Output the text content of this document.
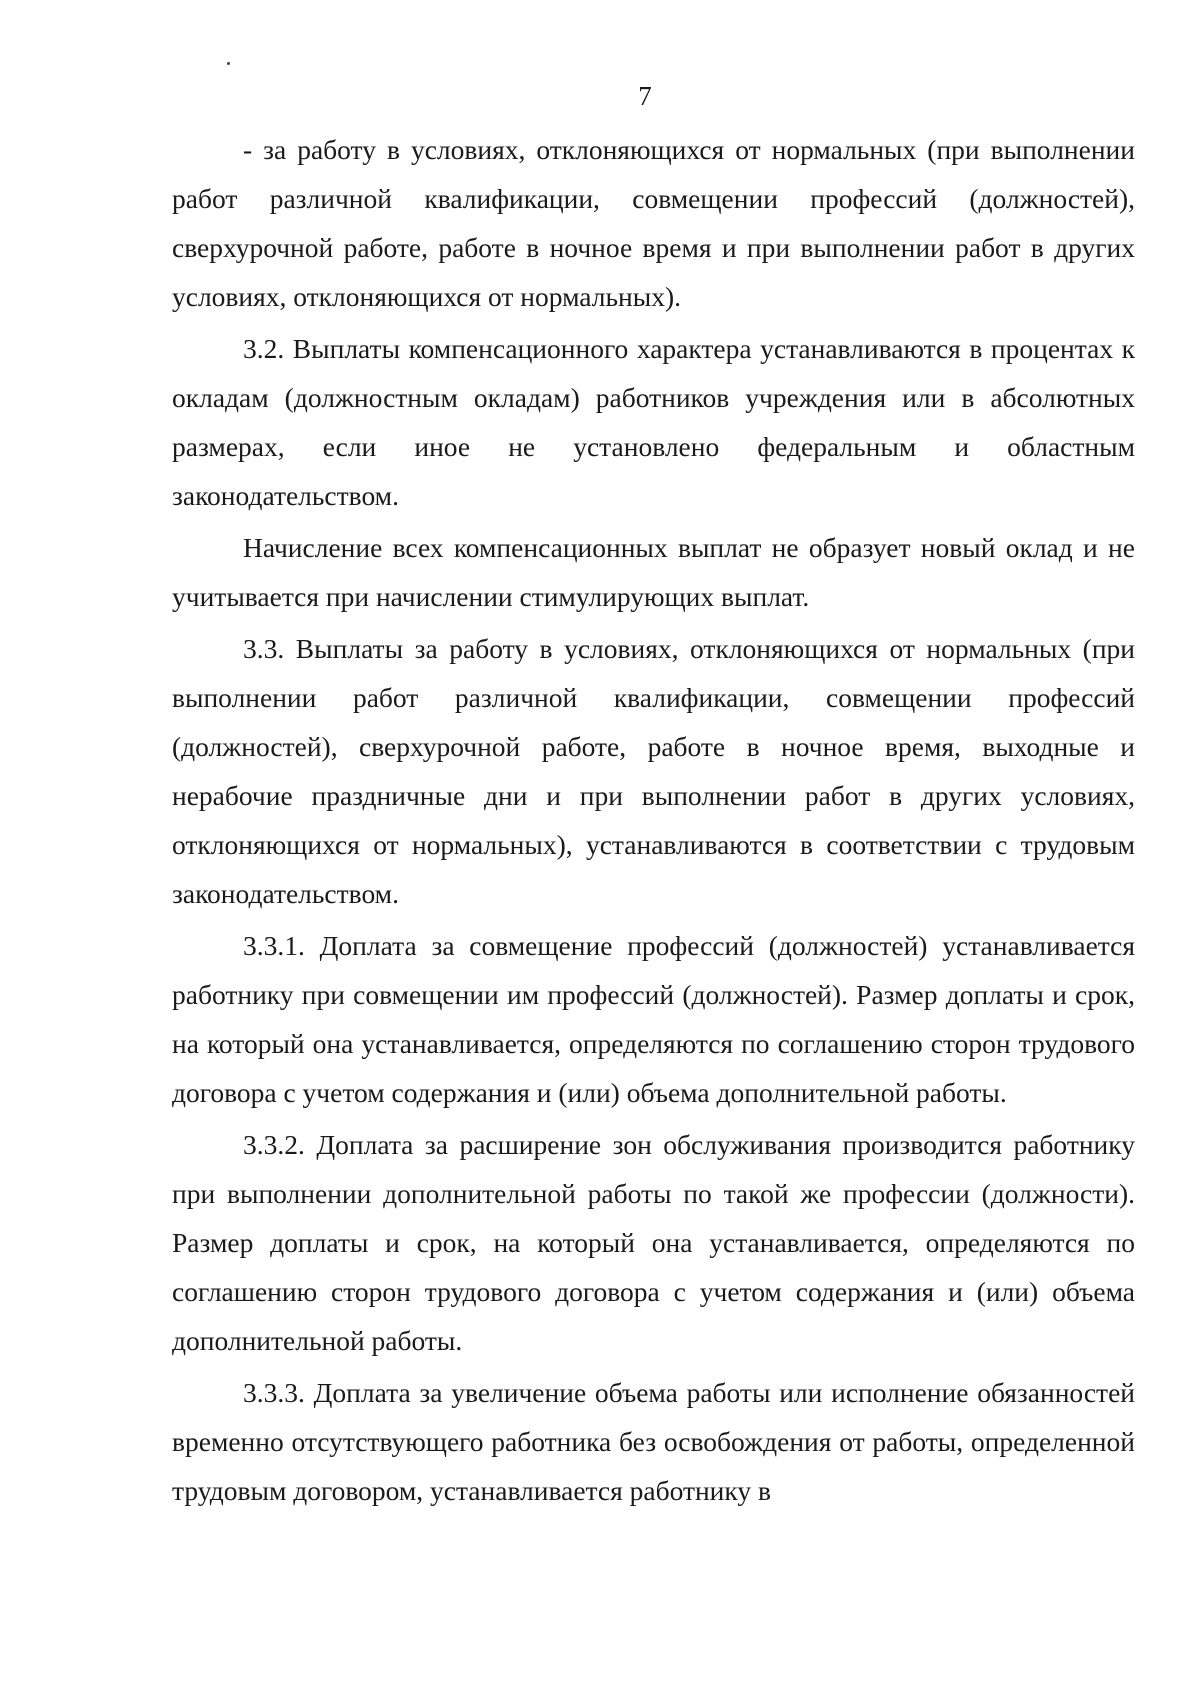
7

- за работу в условиях, отклоняющихся от нормальных (при выполнении работ различной квалификации, совмещении профессий (должностей), сверхурочной работе, работе в ночное время и при выполнении работ в других условиях, отклоняющихся от нормальных).

3.2. Выплаты компенсационного характера устанавливаются в процентах к окладам (должностным окладам) работников учреждения или в абсолютных размерах, если иное не установлено федеральным и областным законодательством.

Начисление всех компенсационных выплат не образует новый оклад и не учитывается при начислении стимулирующих выплат.

3.3. Выплаты за работу в условиях, отклоняющихся от нормальных (при выполнении работ различной квалификации, совмещении профессий (должностей), сверхурочной работе, работе в ночное время, выходные и нерабочие праздничные дни и при выполнении работ в других условиях, отклоняющихся от нормальных), устанавливаются в соответствии с трудовым законодательством.

3.3.1. Доплата за совмещение профессий (должностей) устанавливается работнику при совмещении им профессий (должностей). Размер доплаты и срок, на который она устанавливается, определяются по соглашению сторон трудового договора с учетом содержания и (или) объема дополнительной работы.

3.3.2. Доплата за расширение зон обслуживания производится работнику при выполнении дополнительной работы по такой же профессии (должности). Размер доплаты и срок, на который она устанавливается, определяются по соглашению сторон трудового договора с учетом содержания и (или) объема дополнительной работы.

3.3.3. Доплата за увеличение объема работы или исполнение обязанностей временно отсутствующего работника без освобождения от работы, определенной трудовым договором, устанавливается работнику в
